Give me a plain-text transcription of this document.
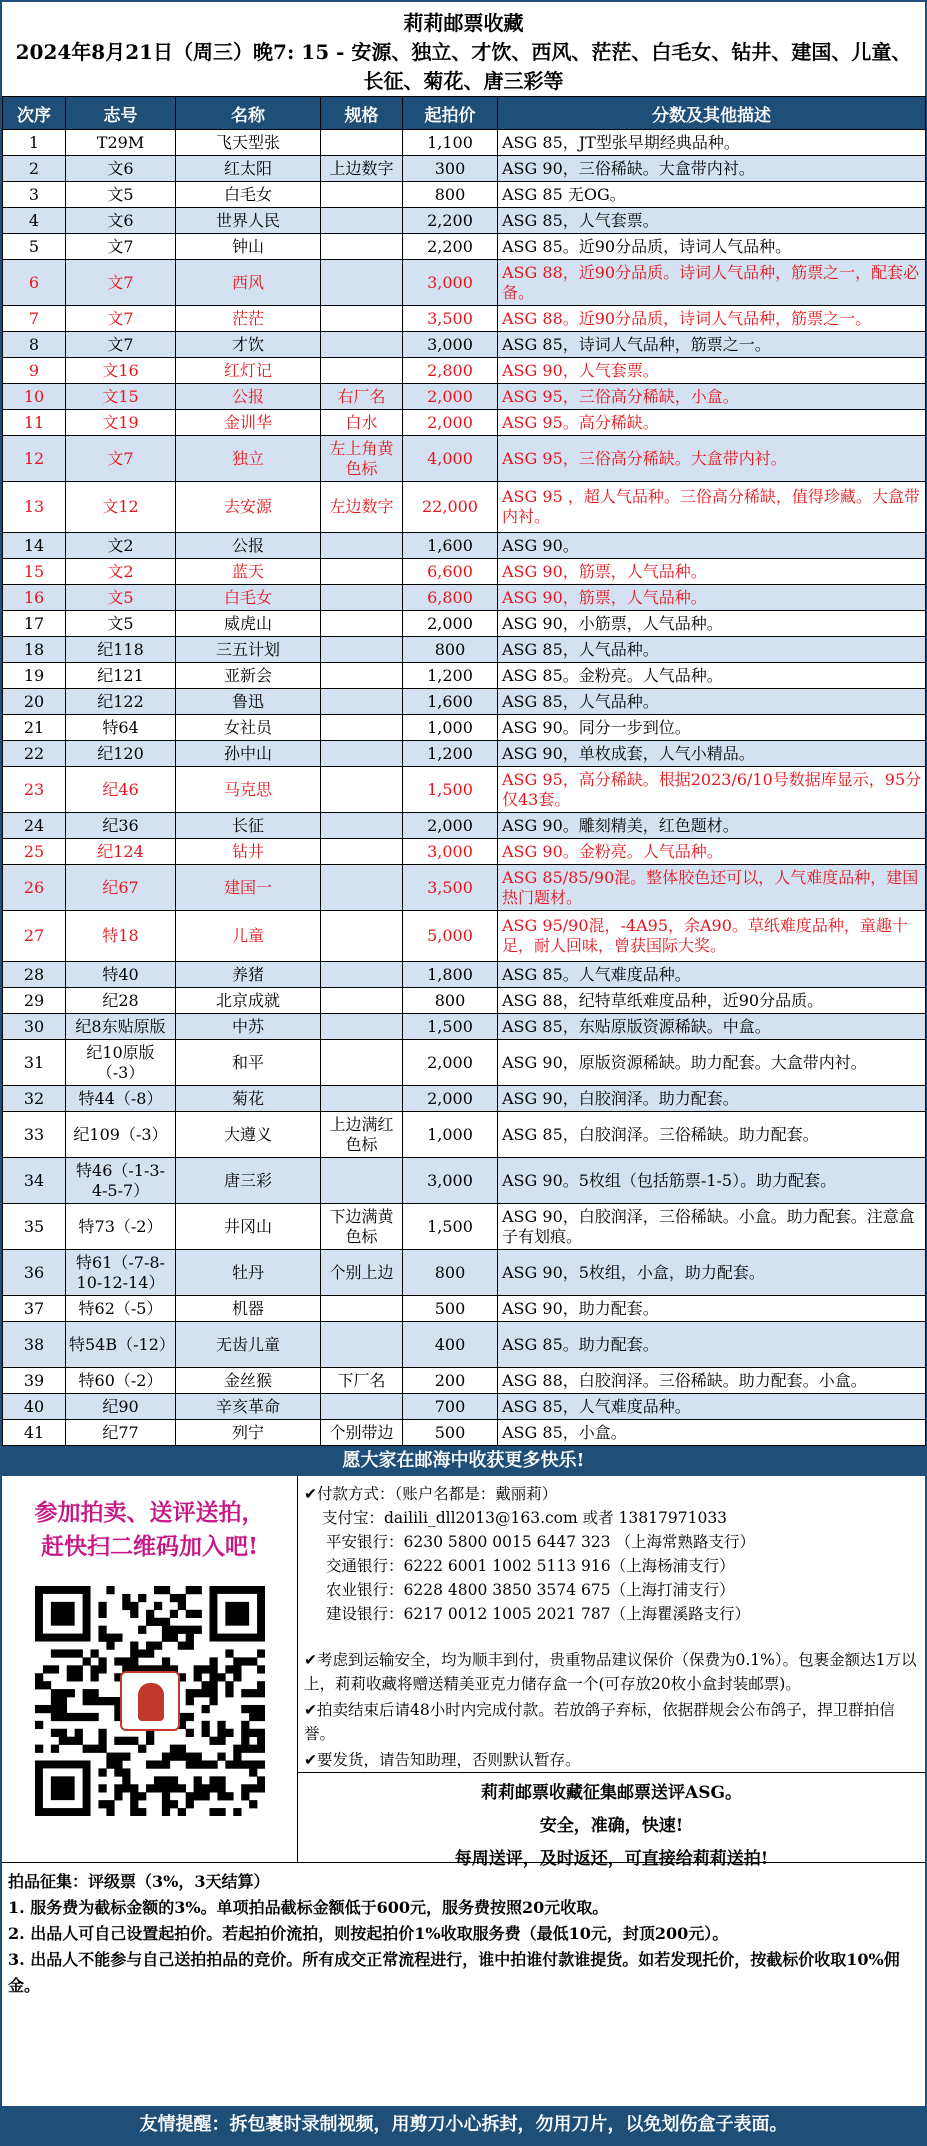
莉莉邮票收藏
2024年8月21日（周三）晚7: 15 - 安源、独立、才饮、西风、茫茫、白毛女、钻井、建国、儿童、长征、菊花、唐三彩等
次序	志号	名称	规格	起拍价	分数及其他描述
1	T29M	飞天型张		1,100	ASG 85，JT型张早期经典品种。
2	文6	红太阳	上边数字	300	ASG 90，三俗稀缺。大盒带内衬。
3	文5	白毛女		800	ASG 85 无OG。
4	文6	世界人民		2,200	ASG 85，人气套票。
5	文7	钟山		2,200	ASG 85。近90分品质，诗词人气品种。
6	文7	西风		3,000	ASG 88，近90分品质。诗词人气品种，筋票之一，配套必备。
7	文7	茫茫		3,500	ASG 88。近90分品质，诗词人气品种，筋票之一。
8	文7	才饮		3,000	ASG 85，诗词人气品种，筋票之一。
9	文16	红灯记		2,800	ASG 90，人气套票。
10	文15	公报	右厂名	2,000	ASG 95，三俗高分稀缺，小盒。
11	文19	金训华	白水	2,000	ASG 95。高分稀缺。
12	文7	独立	左上角黄色标	4,000	ASG 95，三俗高分稀缺。大盒带内衬。
13	文12	去安源	左边数字	22,000	ASG 95 ，超人气品种。三俗高分稀缺，值得珍藏。大盒带内衬。
14	文2	公报		1,600	ASG 90。
15	文2	蓝天		6,600	ASG 90，筋票，人气品种。
16	文5	白毛女		6,800	ASG 90，筋票，人气品种。
17	文5	威虎山		2,000	ASG 90，小筋票，人气品种。
18	纪118	三五计划		800	ASG 85，人气品种。
19	纪121	亚新会		1,200	ASG 85。金粉亮。人气品种。
20	纪122	鲁迅		1,600	ASG 85，人气品种。
21	特64	女社员		1,000	ASG 90。同分一步到位。
22	纪120	孙中山		1,200	ASG 90，单枚成套，人气小精品。
23	纪46	马克思		1,500	ASG 95，高分稀缺。根据2023/6/10号数据库显示，95分仅43套。
24	纪36	长征		2,000	ASG 90。雕刻精美，红色题材。
25	纪124	钻井		3,000	ASG 90。金粉亮。人气品种。
26	纪67	建国一		3,500	ASG 85/85/90混。整体胶色还可以，人气难度品种，建国热门题材。
27	特18	儿童		5,000	ASG 95/90混，-4A95，余A90。草纸难度品种，童趣十足，耐人回味，曾获国际大奖。
28	特40	养猪		1,800	ASG 85。人气难度品种。
29	纪28	北京成就		800	ASG 88，纪特草纸难度品种，近90分品质。
30	纪8东贴原版	中苏		1,500	ASG 85，东贴原版资源稀缺。中盒。
31	纪10原版（-3）	和平		2,000	ASG 90，原版资源稀缺。助力配套。大盒带内衬。
32	特44（-8）	菊花		2,000	ASG 90，白胶润泽。助力配套。
33	纪109（-3）	大遵义	上边满红色标	1,000	ASG 85，白胶润泽。三俗稀缺。助力配套。
34	特46（-1-3-4-5-7）	唐三彩		3,000	ASG 90。5枚组（包括筋票-1-5）。助力配套。
35	特73（-2）	井冈山	下边满黄色标	1,500	ASG 90，白胶润泽，三俗稀缺。小盒。助力配套。注意盒子有划痕。
36	特61（-7-8-10-12-14）	牡丹	个别上边	800	ASG 90，5枚组，小盒，助力配套。
37	特62（-5）	机器		500	ASG 90，助力配套。
38	特54B（-12）	无齿儿童		400	ASG 85。助力配套。
39	特60（-2）	金丝猴	下厂名	200	ASG 88，白胶润泽。三俗稀缺。助力配套。小盒。
40	纪90	辛亥革命		700	ASG 85，人气难度品种。
41	纪77	列宁	个别带边	500	ASG 85，小盒。
愿大家在邮海中收获更多快乐!
参加拍卖、送评送拍，
赶快扫二维码加入吧!
✔付款方式：（账户名都是：戴丽莉）
支付宝：dailili_dll2013@163.com 或者 13817971033
平安银行：6230 5800 0015 6447 323 （上海常熟路支行）
交通银行：6222 6001 1002 5113 916（上海杨浦支行）
农业银行：6228 4800 3850 3574 675（上海打浦支行）
建设银行：6217 0012 1005 2021 787（上海瞿溪路支行）
✔考虑到运输安全，均为顺丰到付，贵重物品建议保价（保费为0.1%）。包裹金额达1万以上，莉莉收藏将赠送精美亚克力储存盒一个(可存放20枚小盒封装邮票)。
✔拍卖结束后请48小时内完成付款。若放鸽子弃标，依据群规会公布鸽子，捍卫群拍信誉。
✔要发货，请告知助理，否则默认暂存。
莉莉邮票收藏征集邮票送评ASG。
安全，准确，快速!
每周送评，及时返还，可直接给莉莉送拍!
拍品征集：评级票（3%，3天结算）
1. 服务费为截标金额的3%。单项拍品截标金额低于600元，服务费按照20元收取。
2. 出品人可自己设置起拍价。若起拍价流拍，则按起拍价1%收取服务费（最低10元，封顶200元）。
3. 出品人不能参与自己送拍拍品的竞价。所有成交正常流程进行，谁中拍谁付款谁提货。如若发现托价，按截标价收取10%佣金。
友情提醒：拆包裹时录制视频，用剪刀小心拆封，勿用刀片，以免划伤盒子表面。
